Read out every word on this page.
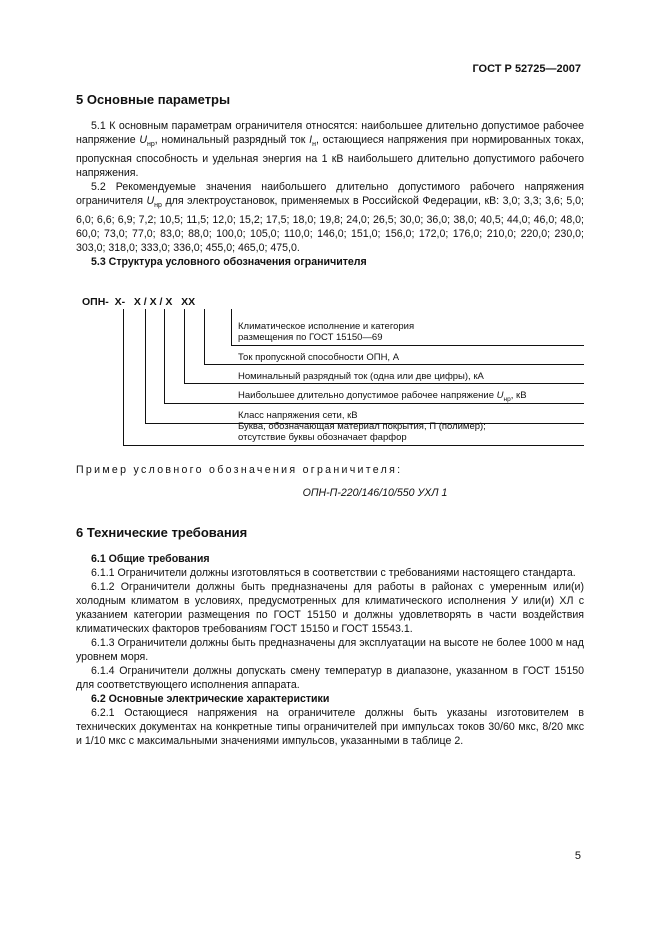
ГОСТ Р 52725—2007
5 Основные параметры

5.1 К основным параметрам ограничителя относятся: наибольшее длительно допустимое рабочее напряжение $U_{нр}$, номинальный разрядный ток $I_н$, остающиеся напряжения при нормированных токах, пропускная способность и удельная энергия на 1 кВ наибольшего длительно допустимого рабочего напряжения.

5.2 Рекомендуемые значения наибольшего длительно допустимого рабочего напряжения ограничителя $U_{нр}$ для электроустановок, применяемых в Российской Федерации, кВ: 3,0; 3,3; 3,6; 5,0; 6,0; 6,6; 6,9; 7,2; 10,5; 11,5; 12,0; 15,2; 17,5; 18,0; 19,8; 24,0; 26,5; 30,0; 36,0; 38,0; 40,5; 44,0; 46,0; 48,0; 60,0; 73,0; 77,0; 83,0; 88,0; 100,0; 105,0; 110,0; 146,0; 151,0; 156,0; 172,0; 176,0; 210,0; 220,0; 230,0; 303,0; 318,0; 333,0; 336,0; 455,0; 465,0; 475,0.

5.3 Структура условного обозначения ограничителя

ОПН-  X-   X / X / X   XX
Климатическое исполнение и категория
размещения по ГОСТ 15150—69
Ток пропускной способности ОПН, А
Номинальный разрядный ток (одна или две цифры), кА
Наибольшее длительно допустимое рабочее напряжение $U_{нр}$, кВ
Класс напряжения сети, кВ
Буква, обозначающая материал покрытия, П (полимер);
отсутствие буквы обозначает фарфор

Пример условного обозначения ограничителя:

ОПН-П-220/146/10/550 УХЛ 1

6 Технические требования

6.1 Общие требования

6.1.1 Ограничители должны изготовляться в соответствии с требованиями настоящего стандарта.

6.1.2 Ограничители должны быть предназначены для работы в районах с умеренным или(и) холодным климатом в условиях, предусмотренных для климатического исполнения У или(и) ХЛ с указанием категории размещения по ГОСТ 15150 и должны удовлетворять в части воздействия климатических факторов требованиям ГОСТ 15150 и ГОСТ 15543.1.

6.1.3 Ограничители должны быть предназначены для эксплуатации на высоте не более 1000 м над уровнем моря.

6.1.4 Ограничители должны допускать смену температур в диапазоне, указанном в ГОСТ 15150 для соответствующего исполнения аппарата.

6.2 Основные электрические характеристики

6.2.1 Остающиеся напряжения на ограничителе должны быть указаны изготовителем в технических документах на конкретные типы ограничителей при импульсах токов 30/60 мкс, 8/20 мкс и 1/10 мкс с максимальными значениями импульсов, указанными в таблице 2.

5
